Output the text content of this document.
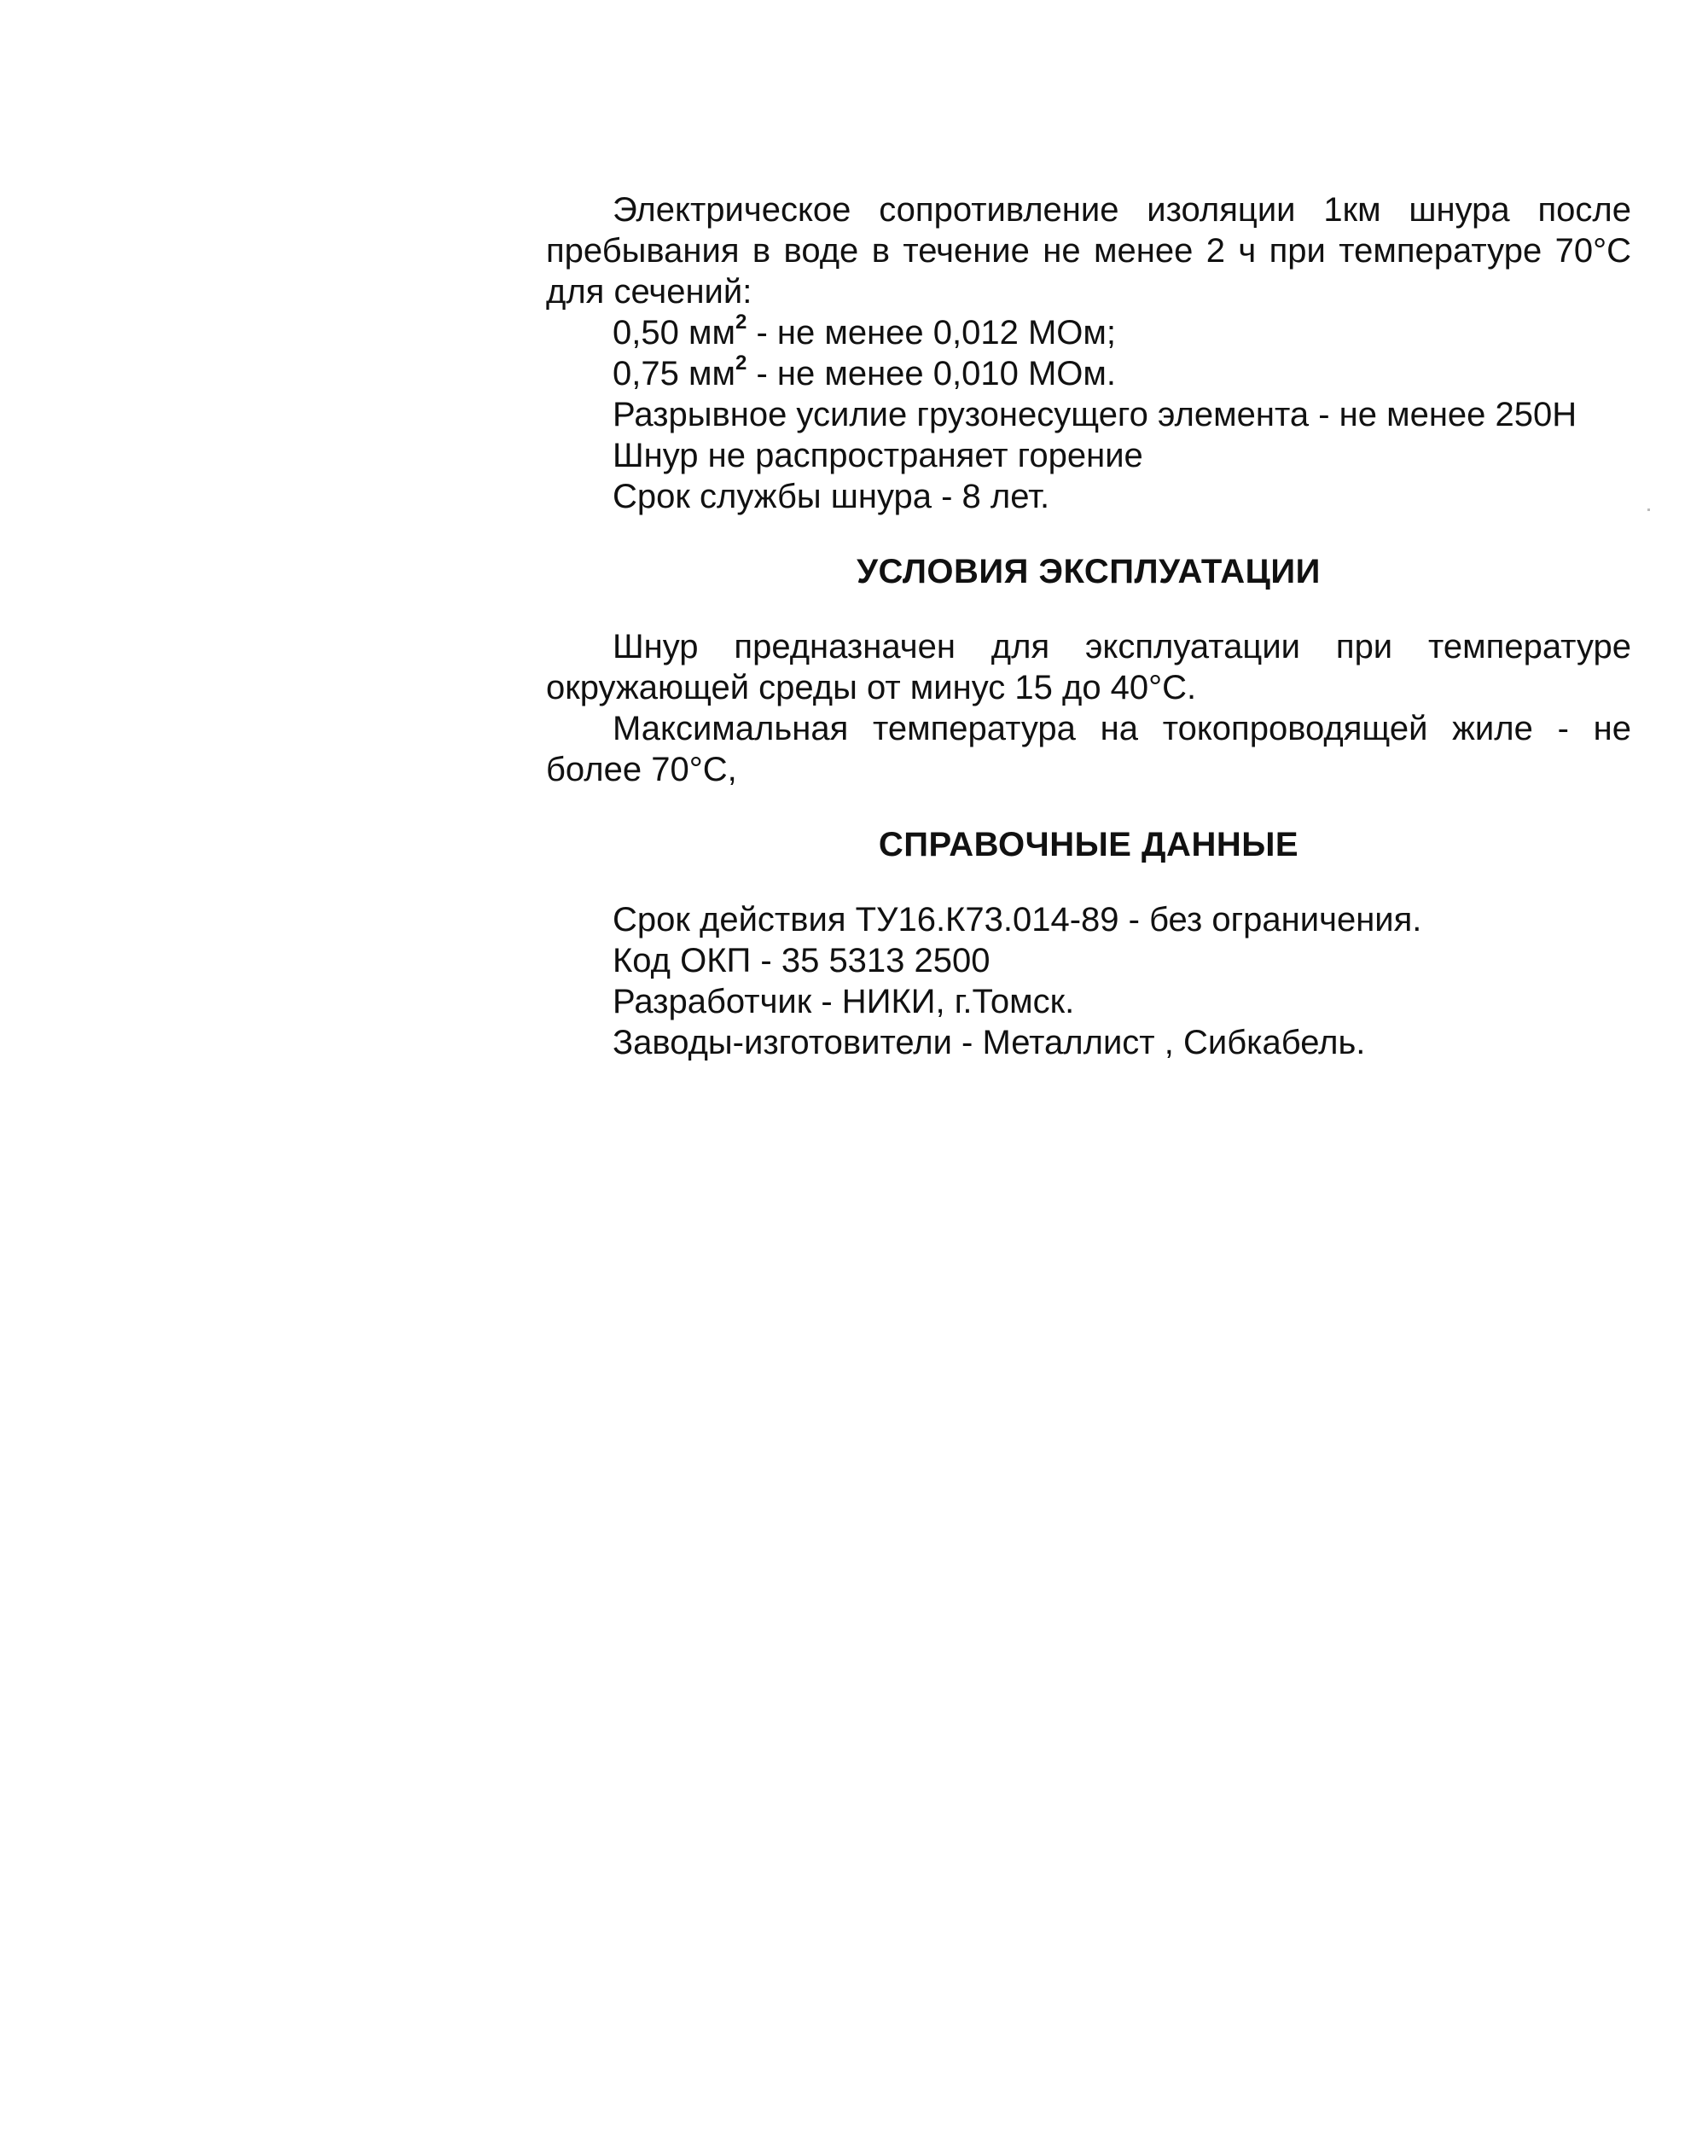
Электрическое сопротивление изоляции 1км шнура после пребывания в воде в течение не менее 2 ч при температуре 70°С для сечений:

0,50 $мм^2$ - не менее 0,012 МОм;

0,75 $мм^2$ - не менее 0,010 МОм.

Разрывное усилие грузонесущего элемента - не менее 250Н

Шнур не распространяет горение

Срок службы шнура - 8 лет.

УСЛОВИЯ ЭКСПЛУАТАЦИИ

Шнур предназначен для эксплуатации при температуре окружающей среды от минус 15 до 40°С.

Максимальная температура на токопроводящей жиле - не более 70°С,

СПРАВОЧНЫЕ ДАННЫЕ

Срок действия ТУ16.К73.014-89 - без ограничения.

Код ОКП - 35 5313 2500

Разработчик - НИКИ, г.Томск.

Заводы-изготовители - Металлист , Сибкабель.
